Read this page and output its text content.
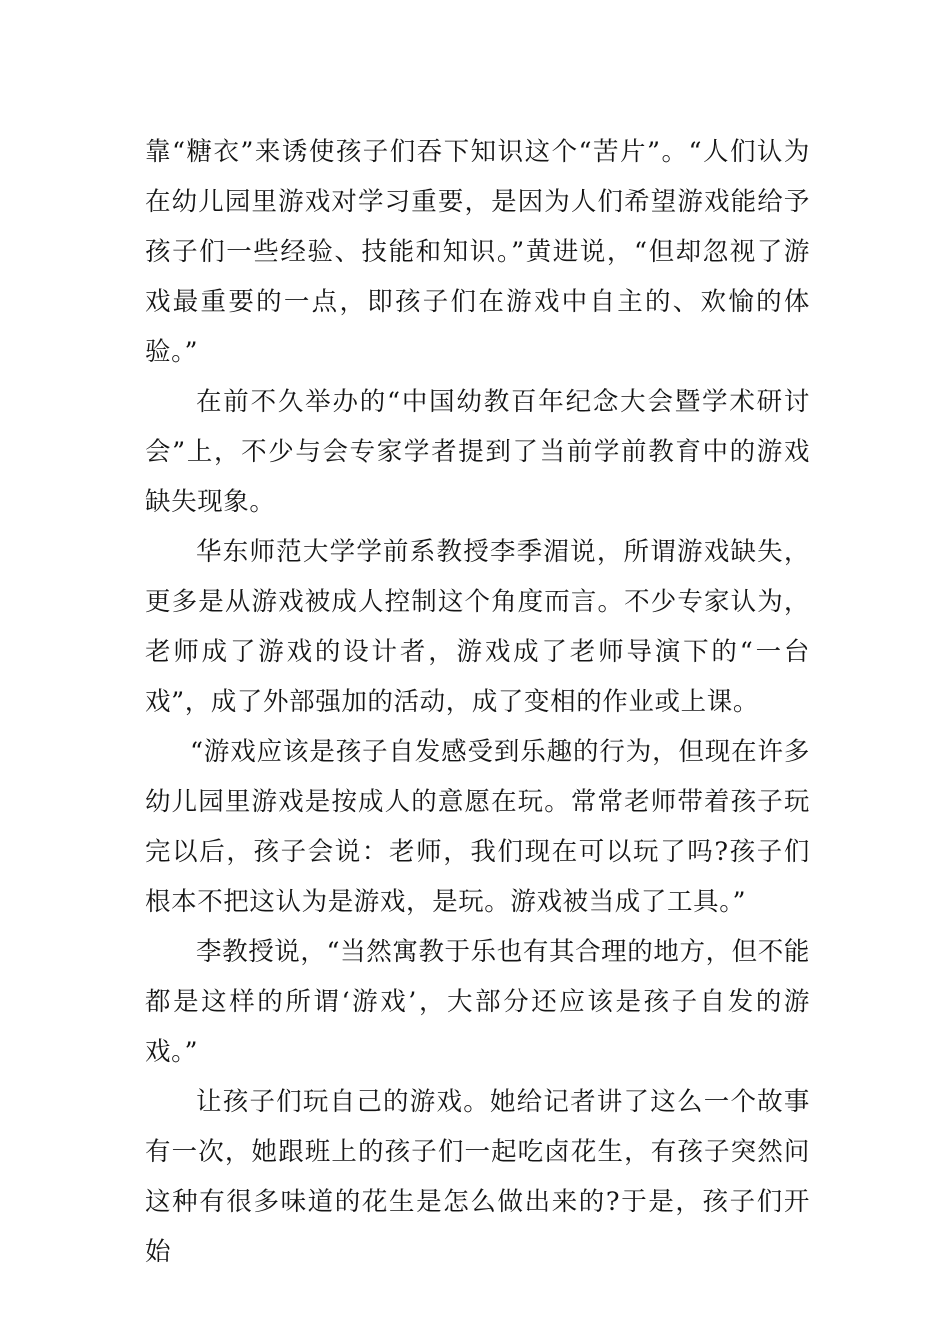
靠“糖衣”来诱使孩子们吞下知识这个“苦片”。“人们认为在幼儿园里游戏对学习重要，是因为人们希望游戏能给予孩子们一些经验、技能和知识。”黄进说，“但却忽视了游戏最重要的一点，即孩子们在游戏中自主的、欢愉的体验。”

在前不久举办的“中国幼教百年纪念大会暨学术研讨会”上，不少与会专家学者提到了当前学前教育中的游戏缺失现象。

华东师范大学学前系教授李季湄说，所谓游戏缺失，更多是从游戏被成人控制这个角度而言。不少专家认为，老师成了游戏的设计者，游戏成了老师导演下的“一台戏”，成了外部强加的活动，成了变相的作业或上课。

“游戏应该是孩子自发感受到乐趣的行为，但现在许多幼儿园里游戏是按成人的意愿在玩。常常老师带着孩子玩完以后，孩子会说：老师，我们现在可以玩了吗?孩子们根本不把这认为是游戏，是玩。游戏被当成了工具。”

李教授说，“当然寓教于乐也有其合理的地方，但不能都是这样的所谓‘游戏’，大部分还应该是孩子自发的游戏。”

让孩子们玩自己的游戏。她给记者讲了这么一个故事有一次，她跟班上的孩子们一起吃卤花生，有孩子突然问这种有很多味道的花生是怎么做出来的?于是，孩子们开始
